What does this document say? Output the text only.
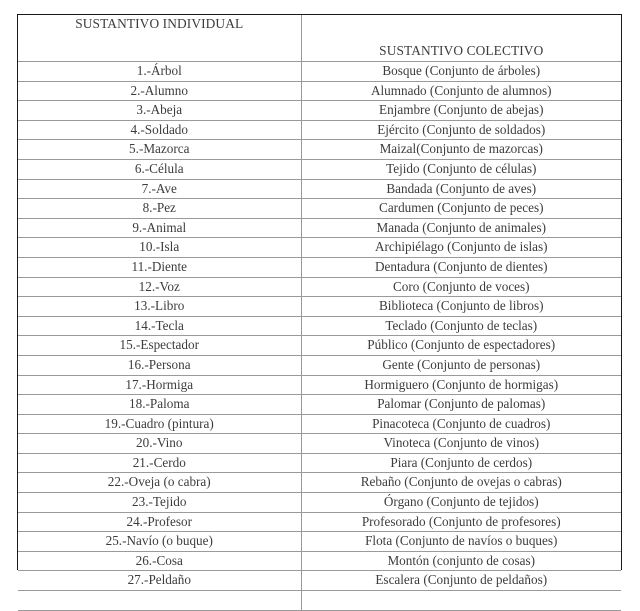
SUSTANTIVO INDIVIDUAL	SUSTANTIVO COLECTIVO
1.-Árbol	Bosque (Conjunto de árboles)
2.-Alumno	Alumnado (Conjunto de alumnos)
3.-Abeja	Enjambre (Conjunto de abejas)
4.-Soldado	Ejército (Conjunto de soldados)
5.-Mazorca	Maizal(Conjunto de mazorcas)
6.-Célula	Tejido (Conjunto de células)
7.-Ave	Bandada (Conjunto de aves)
8.-Pez	Cardumen (Conjunto de peces)
9.-Animal	Manada (Conjunto de animales)
10.-Isla	Archipiélago (Conjunto de islas)
11.-Diente	Dentadura (Conjunto de dientes)
12.-Voz	Coro (Conjunto de voces)
13.-Libro	Biblioteca (Conjunto de libros)
14.-Tecla	Teclado (Conjunto de teclas)
15.-Espectador	Público (Conjunto de espectadores)
16.-Persona	Gente (Conjunto de personas)
17.-Hormiga	Hormiguero (Conjunto de hormigas)
18.-Paloma	Palomar (Conjunto de palomas)
19.-Cuadro (pintura)	Pinacoteca (Conjunto de cuadros)
20.-Vino	Vinoteca (Conjunto de vinos)
21.-Cerdo	Piara (Conjunto de cerdos)
22.-Oveja (o cabra)	Rebaño (Conjunto de ovejas o cabras)
23.-Tejido	Órgano (Conjunto de tejidos)
24.-Profesor	Profesorado (Conjunto de profesores)
25.-Navío (o buque)	Flota (Conjunto de navíos o buques)
26.-Cosa	Montón (conjunto de cosas)
27.-Peldaño	Escalera (Conjunto de peldaños)
